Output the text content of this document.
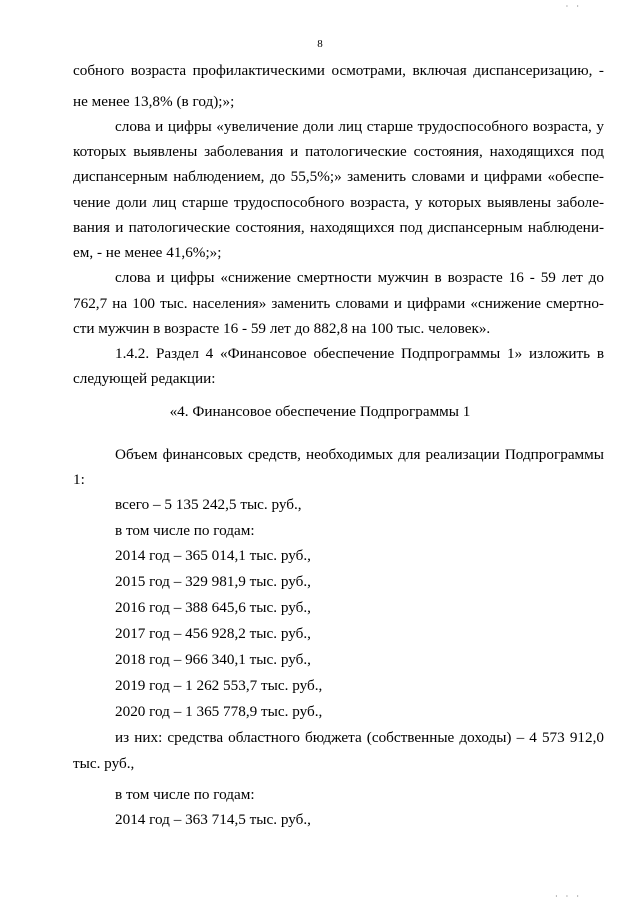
· ·
8
собного возраста профилактическими осмотрами, включая диспансеризацию, -
не менее 13,8% (в год);»;
слова и цифры «увеличение доли лиц старше трудоспособного возраста, у
которых выявлены заболевания и патологические состояния, находящихся под
диспансерным наблюдением, до 55,5%;» заменить словами и цифрами «обеспе-
чение доли лиц старше трудоспособного возраста, у которых выявлены заболе-
вания и патологические состояния, находящихся под диспансерным наблюдени-
ем, - не менее 41,6%;»;
слова и цифры «снижение смертности мужчин в возрасте 16 - 59 лет до
762,7 на 100 тыс. населения» заменить словами и цифрами «снижение смертно-
сти мужчин в возрасте 16 - 59 лет до 882,8 на 100 тыс. человек».
1.4.2. Раздел 4 «Финансовое обеспечение Подпрограммы 1» изложить в
следующей редакции:
«4. Финансовое обеспечение Подпрограммы 1
Объем финансовых средств, необходимых для реализации Подпрограммы
1:
всего – 5 135 242,5 тыс. руб.,
в том числе по годам:
2014 год – 365 014,1 тыс. руб.,
2015 год – 329 981,9 тыс. руб.,
2016 год – 388 645,6 тыс. руб.,
2017 год – 456 928,2 тыс. руб.,
2018 год – 966 340,1 тыс. руб.,
2019 год – 1 262 553,7 тыс. руб.,
2020 год – 1 365 778,9 тыс. руб.,
из них: средства областного бюджета (собственные доходы) – 4 573 912,0
тыс. руб.,
в том числе по годам:
2014 год – 363 714,5 тыс. руб.,
· · ·
